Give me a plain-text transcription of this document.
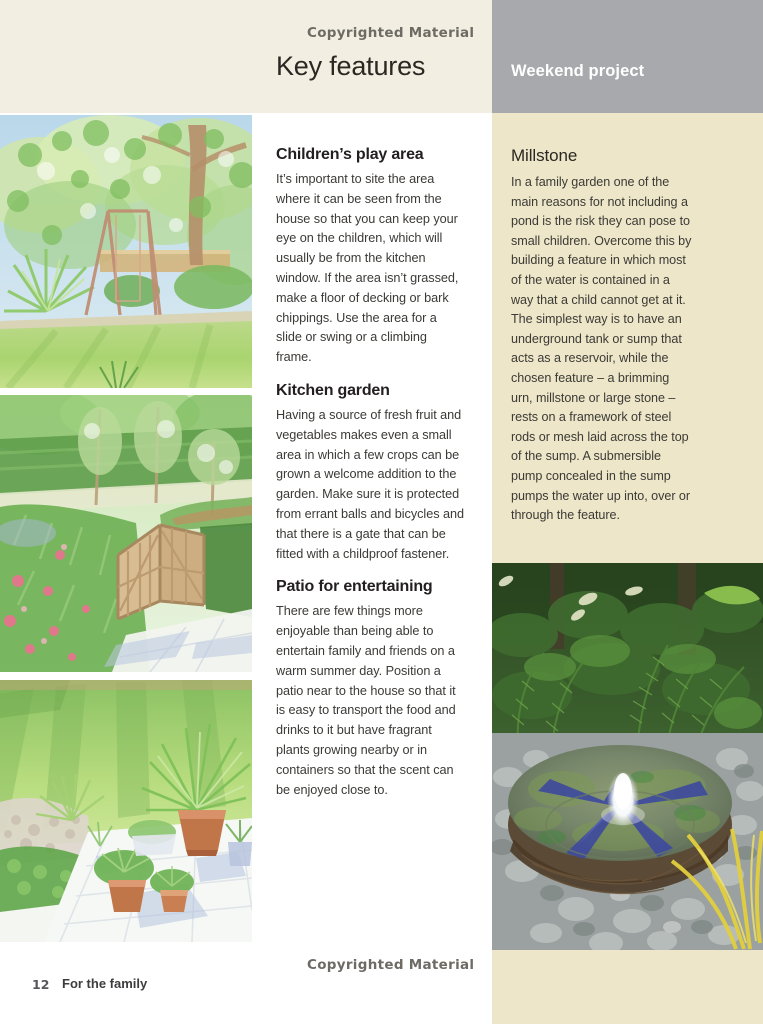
Copyrighted Material
Key features	Weekend project
Millstone

In a family garden one of the main reasons for not including a pond is the risk they can pose to small children. Overcome this by building a feature in which most of the water is contained in a way that a child cannot get at it. The simplest way is to have an underground tank or sump that acts as a reservoir, while the chosen feature – a brimming urn, millstone or large stone – rests on a framework of steel rods or mesh laid across the top of the sump. A submersible pump concealed in the sump pumps the water up into, over or through the feature.

Children’s play area

It’s important to site the area where it can be seen from the house so that you can keep your eye on the children, which will usually be from the kitchen window. If the area isn’t grassed, make a floor of decking or bark chippings. Use the area for a slide or swing or a climbing frame.

Kitchen garden

Having a source of fresh fruit and vegetables makes even a small area in which a few crops can be grown a welcome addition to the garden. Make sure it is protected from errant balls and bicycles and that there is a gate that can be fitted with a childproof fastener.

Patio for entertaining

There are few things more enjoyable than being able to entertain family and friends on a warm summer day. Position a patio near to the house so that it is easy to transport the food and drinks to it but have fragrant plants growing nearby or in containers so that the scent can be enjoyed close to.

12 For the family
Copyrighted Material
